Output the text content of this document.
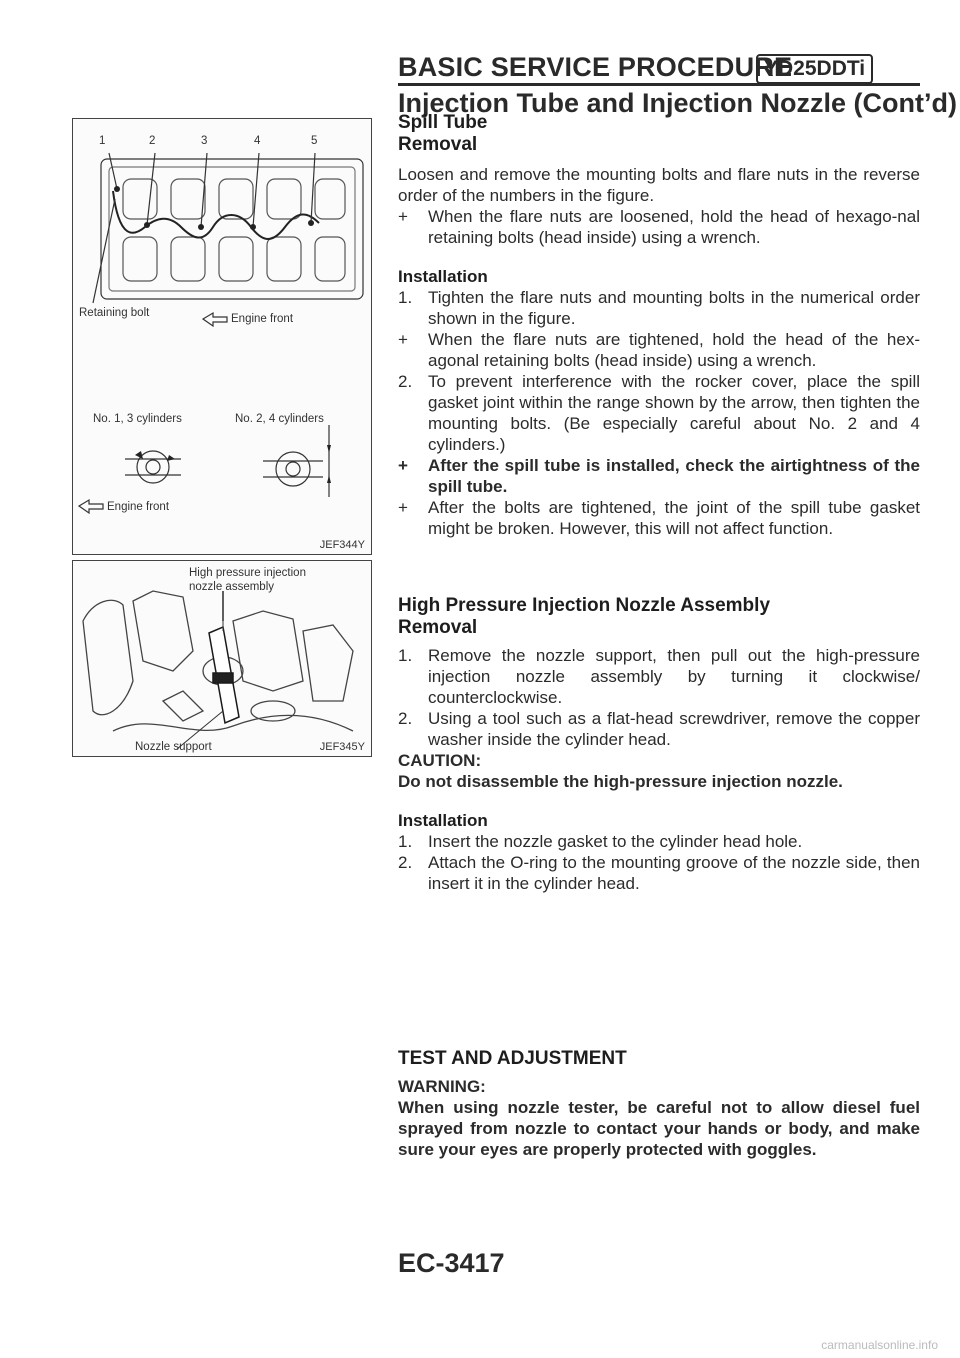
BASIC SERVICE PROCEDURE
YD25DDTi
Injection Tube and Injection Nozzle (Cont’d)
1	2	3	4	5
Retaining bolt	Engine front
No. 1, 3 cylinders	No. 2, 4 cylinders
Engine front
JEF344Y
High pressure injection
nozzle assembly
Nozzle support	JEF345Y
Spill Tube
Removal
Loosen and remove the mounting bolts and flare nuts in the reverse order of the numbers in the figure.
+	When the flare nuts are loosened, hold the head of hexago-nal retaining bolts (head inside) using a wrench.
Installation
1. Tighten the flare nuts and mounting bolts in the numerical order shown in the figure.
+	When the flare nuts are tightened, hold the head of the hex-agonal retaining bolts (head inside) using a wrench.
2. To prevent interference with the rocker cover, place the spill gasket joint within the range shown by the arrow, then tighten the mounting bolts. (Be especially careful about No. 2 and 4 cylinders.)
+	After the spill tube is installed, check the airtightness of the spill tube.
+	After the bolts are tightened, the joint of the spill tube gasket might be broken. However, this will not affect function.
High Pressure Injection Nozzle Assembly
Removal
1. Remove the nozzle support, then pull out the high-pressure injection nozzle assembly by turning it clockwise/ counterclockwise.
2. Using a tool such as a flat-head screwdriver, remove the copper washer inside the cylinder head.
CAUTION:
Do not disassemble the high-pressure injection nozzle.
Installation
1. Insert the nozzle gasket to the cylinder head hole.
2. Attach the O-ring to the mounting groove of the nozzle side, then insert it in the cylinder head.
TEST AND ADJUSTMENT
WARNING:
When using nozzle tester, be careful not to allow diesel fuel sprayed from nozzle to contact your hands or body, and make sure your eyes are properly protected with goggles.
EC-3417
carmanualsonline.info
